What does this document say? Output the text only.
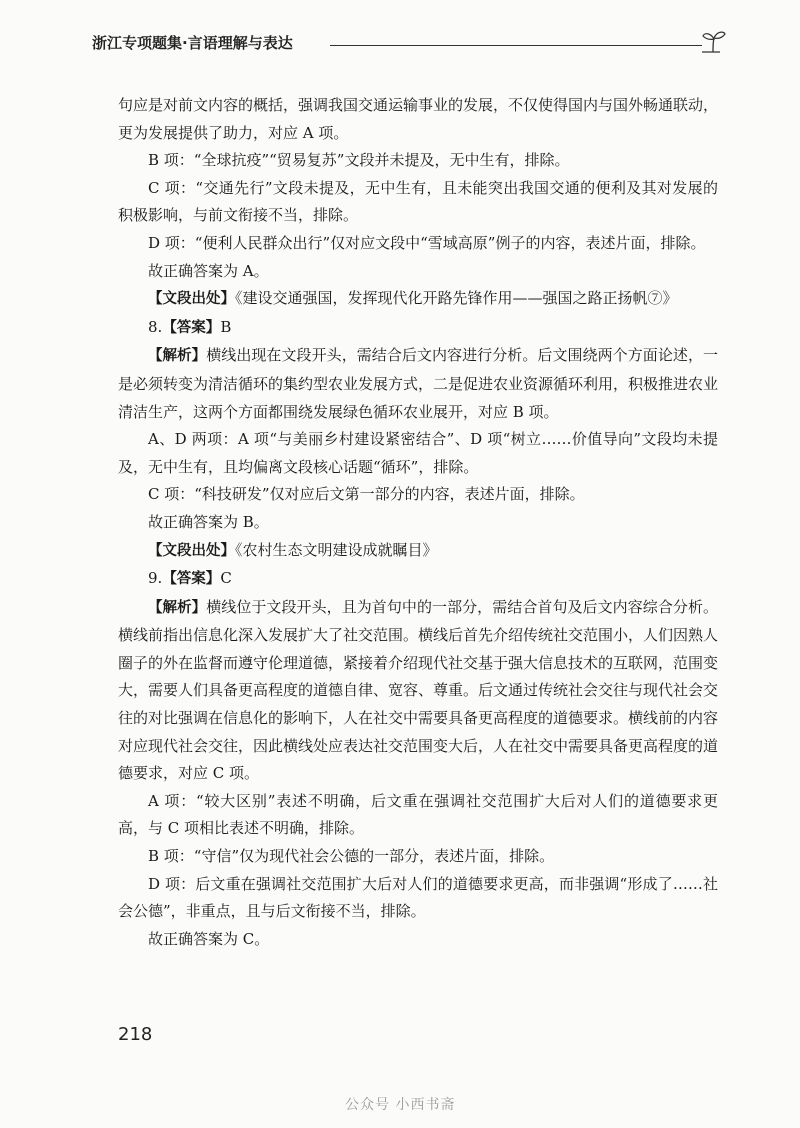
浙江专项题集·言语理解与表达

句应是对前文内容的概括，强调我国交通运输事业的发展，不仅使得国内与国外畅通联动，更为发展提供了助力，对应 A 项。

B 项：“全球抗疫”“贸易复苏”文段并未提及，无中生有，排除。

C 项：“交通先行”文段未提及，无中生有，且未能突出我国交通的便利及其对发展的积极影响，与前文衔接不当，排除。

D 项：“便利人民群众出行”仅对应文段中“雪域高原”例子的内容，表述片面，排除。

故正确答案为 A。

【文段出处】《建设交通强国，发挥现代化开路先锋作用——强国之路正扬帆⑦》

8.【答案】B

【解析】横线出现在文段开头，需结合后文内容进行分析。后文围绕两个方面论述，一是必须转变为清洁循环的集约型农业发展方式，二是促进农业资源循环利用，积极推进农业清洁生产，这两个方面都围绕发展绿色循环农业展开，对应 B 项。

A、D 两项：A 项“与美丽乡村建设紧密结合”、D 项“树立……价值导向”文段均未提及，无中生有，且均偏离文段核心话题“循环”，排除。

C 项：“科技研发”仅对应后文第一部分的内容，表述片面，排除。

故正确答案为 B。

【文段出处】《农村生态文明建设成就瞩目》

9.【答案】C

【解析】横线位于文段开头，且为首句中的一部分，需结合首句及后文内容综合分析。横线前指出信息化深入发展扩大了社交范围。横线后首先介绍传统社交范围小，人们因熟人圈子的外在监督而遵守伦理道德，紧接着介绍现代社交基于强大信息技术的互联网，范围变大，需要人们具备更高程度的道德自律、宽容、尊重。后文通过传统社会交往与现代社会交往的对比强调在信息化的影响下，人在社交中需要具备更高程度的道德要求。横线前的内容对应现代社会交往，因此横线处应表达社交范围变大后，人在社交中需要具备更高程度的道德要求，对应 C 项。

A 项：“较大区别”表述不明确，后文重在强调社交范围扩大后对人们的道德要求更高，与 C 项相比表述不明确，排除。

B 项：“守信”仅为现代社会公德的一部分，表述片面，排除。

D 项：后文重在强调社交范围扩大后对人们的道德要求更高，而非强调“形成了……社会公德”，非重点，且与后文衔接不当，排除。

故正确答案为 C。

218
公众号 小西书斋
